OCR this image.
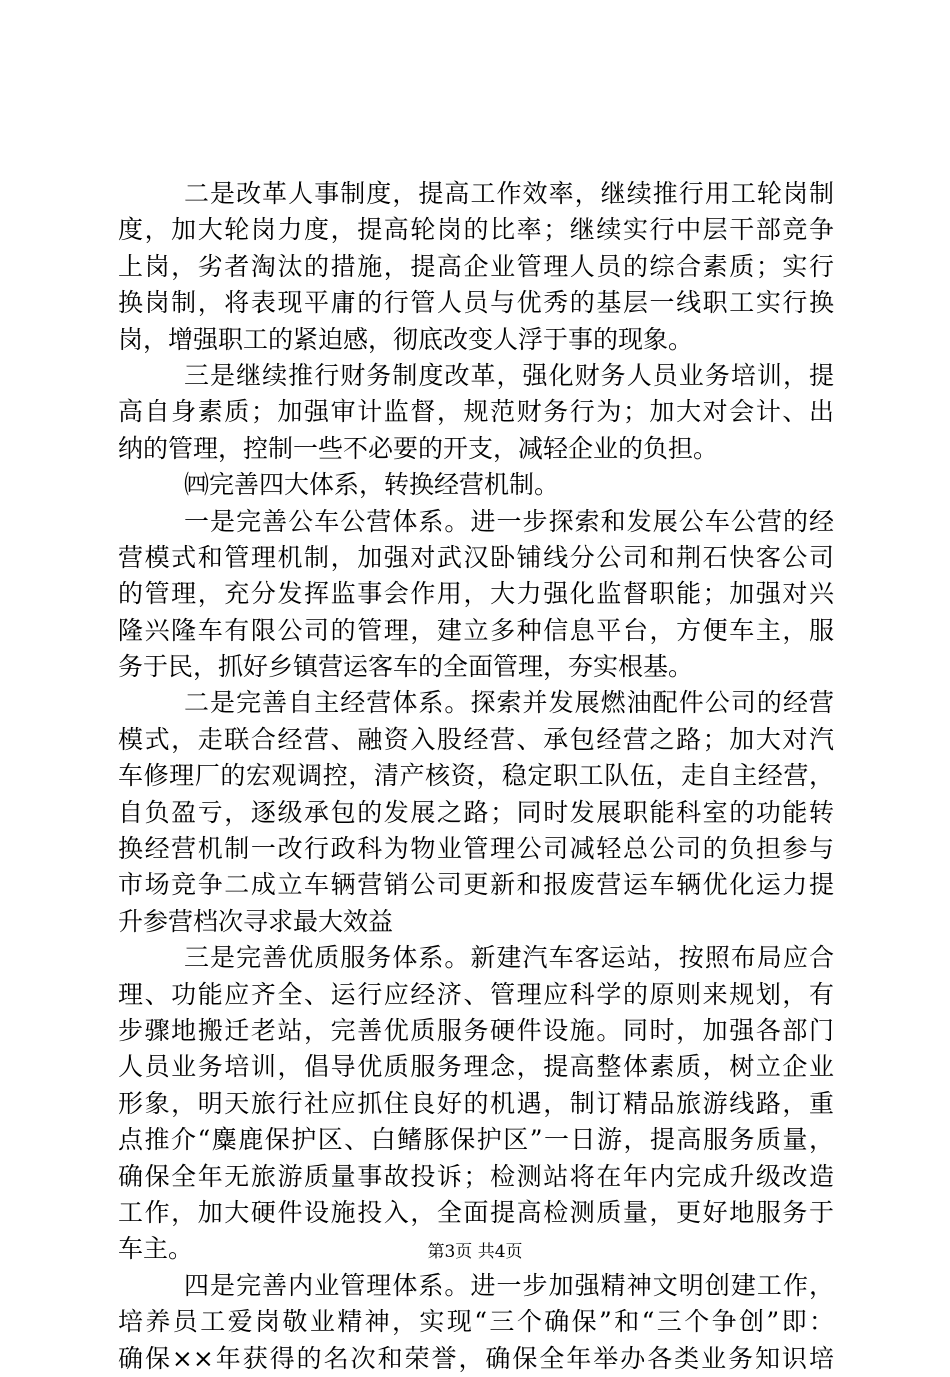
二是改革人事制度，提高工作效率，继续推行用工轮岗制
度，加大轮岗力度，提高轮岗的比率；继续实行中层干部竞争
上岗，劣者淘汰的措施，提高企业管理人员的综合素质；实行
换岗制，将表现平庸的行管人员与优秀的基层一线职工实行换
岗，增强职工的紧迫感，彻底改变人浮于事的现象。
三是继续推行财务制度改革，强化财务人员业务培训，提
高自身素质；加强审计监督，规范财务行为；加大对会计、出
纳的管理，控制一些不必要的开支，减轻企业的负担。
㈣完善四大体系，转换经营机制。
一是完善公车公营体系。进一步探索和发展公车公营的经
营模式和管理机制，加强对武汉卧铺线分公司和荆石快客公司
的管理，充分发挥监事会作用，大力强化监督职能；加强对兴
隆兴隆车有限公司的管理，建立多种信息平台，方便车主，服
务于民，抓好乡镇营运客车的全面管理，夯实根基。
二是完善自主经营体系。探索并发展燃油配件公司的经营
模式，走联合经营、融资入股经营、承包经营之路；加大对汽
车修理厂的宏观调控，清产核资，稳定职工队伍，走自主经营，
自负盈亏，逐级承包的发展之路；同时发展职能科室的功能转
换经营机制一改行政科为物业管理公司减轻总公司的负担参与
市场竞争二成立车辆营销公司更新和报废营运车辆优化运力提
升参营档次寻求最大效益
三是完善优质服务体系。新建汽车客运站，按照布局应合
理、功能应齐全、运行应经济、管理应科学的原则来规划，有
步骤地搬迁老站，完善优质服务硬件设施。同时，加强各部门
人员业务培训，倡导优质服务理念，提高整体素质，树立企业
形象，明天旅行社应抓住良好的机遇，制订精品旅游线路，重
点推介“麋鹿保护区、白鳍豚保护区”一日游，提高服务质量，
确保全年无旅游质量事故投诉；检测站将在年内完成升级改造
工作，加大硬件设施投入，全面提高检测质量，更好地服务于
车主。
四是完善内业管理体系。进一步加强精神文明创建工作，
培养员工爱岗敬业精神，实现“三个确保”和“三个争创”即：
确保××年获得的名次和荣誉，确保全年举办各类业务知识培
第3页 共4页
